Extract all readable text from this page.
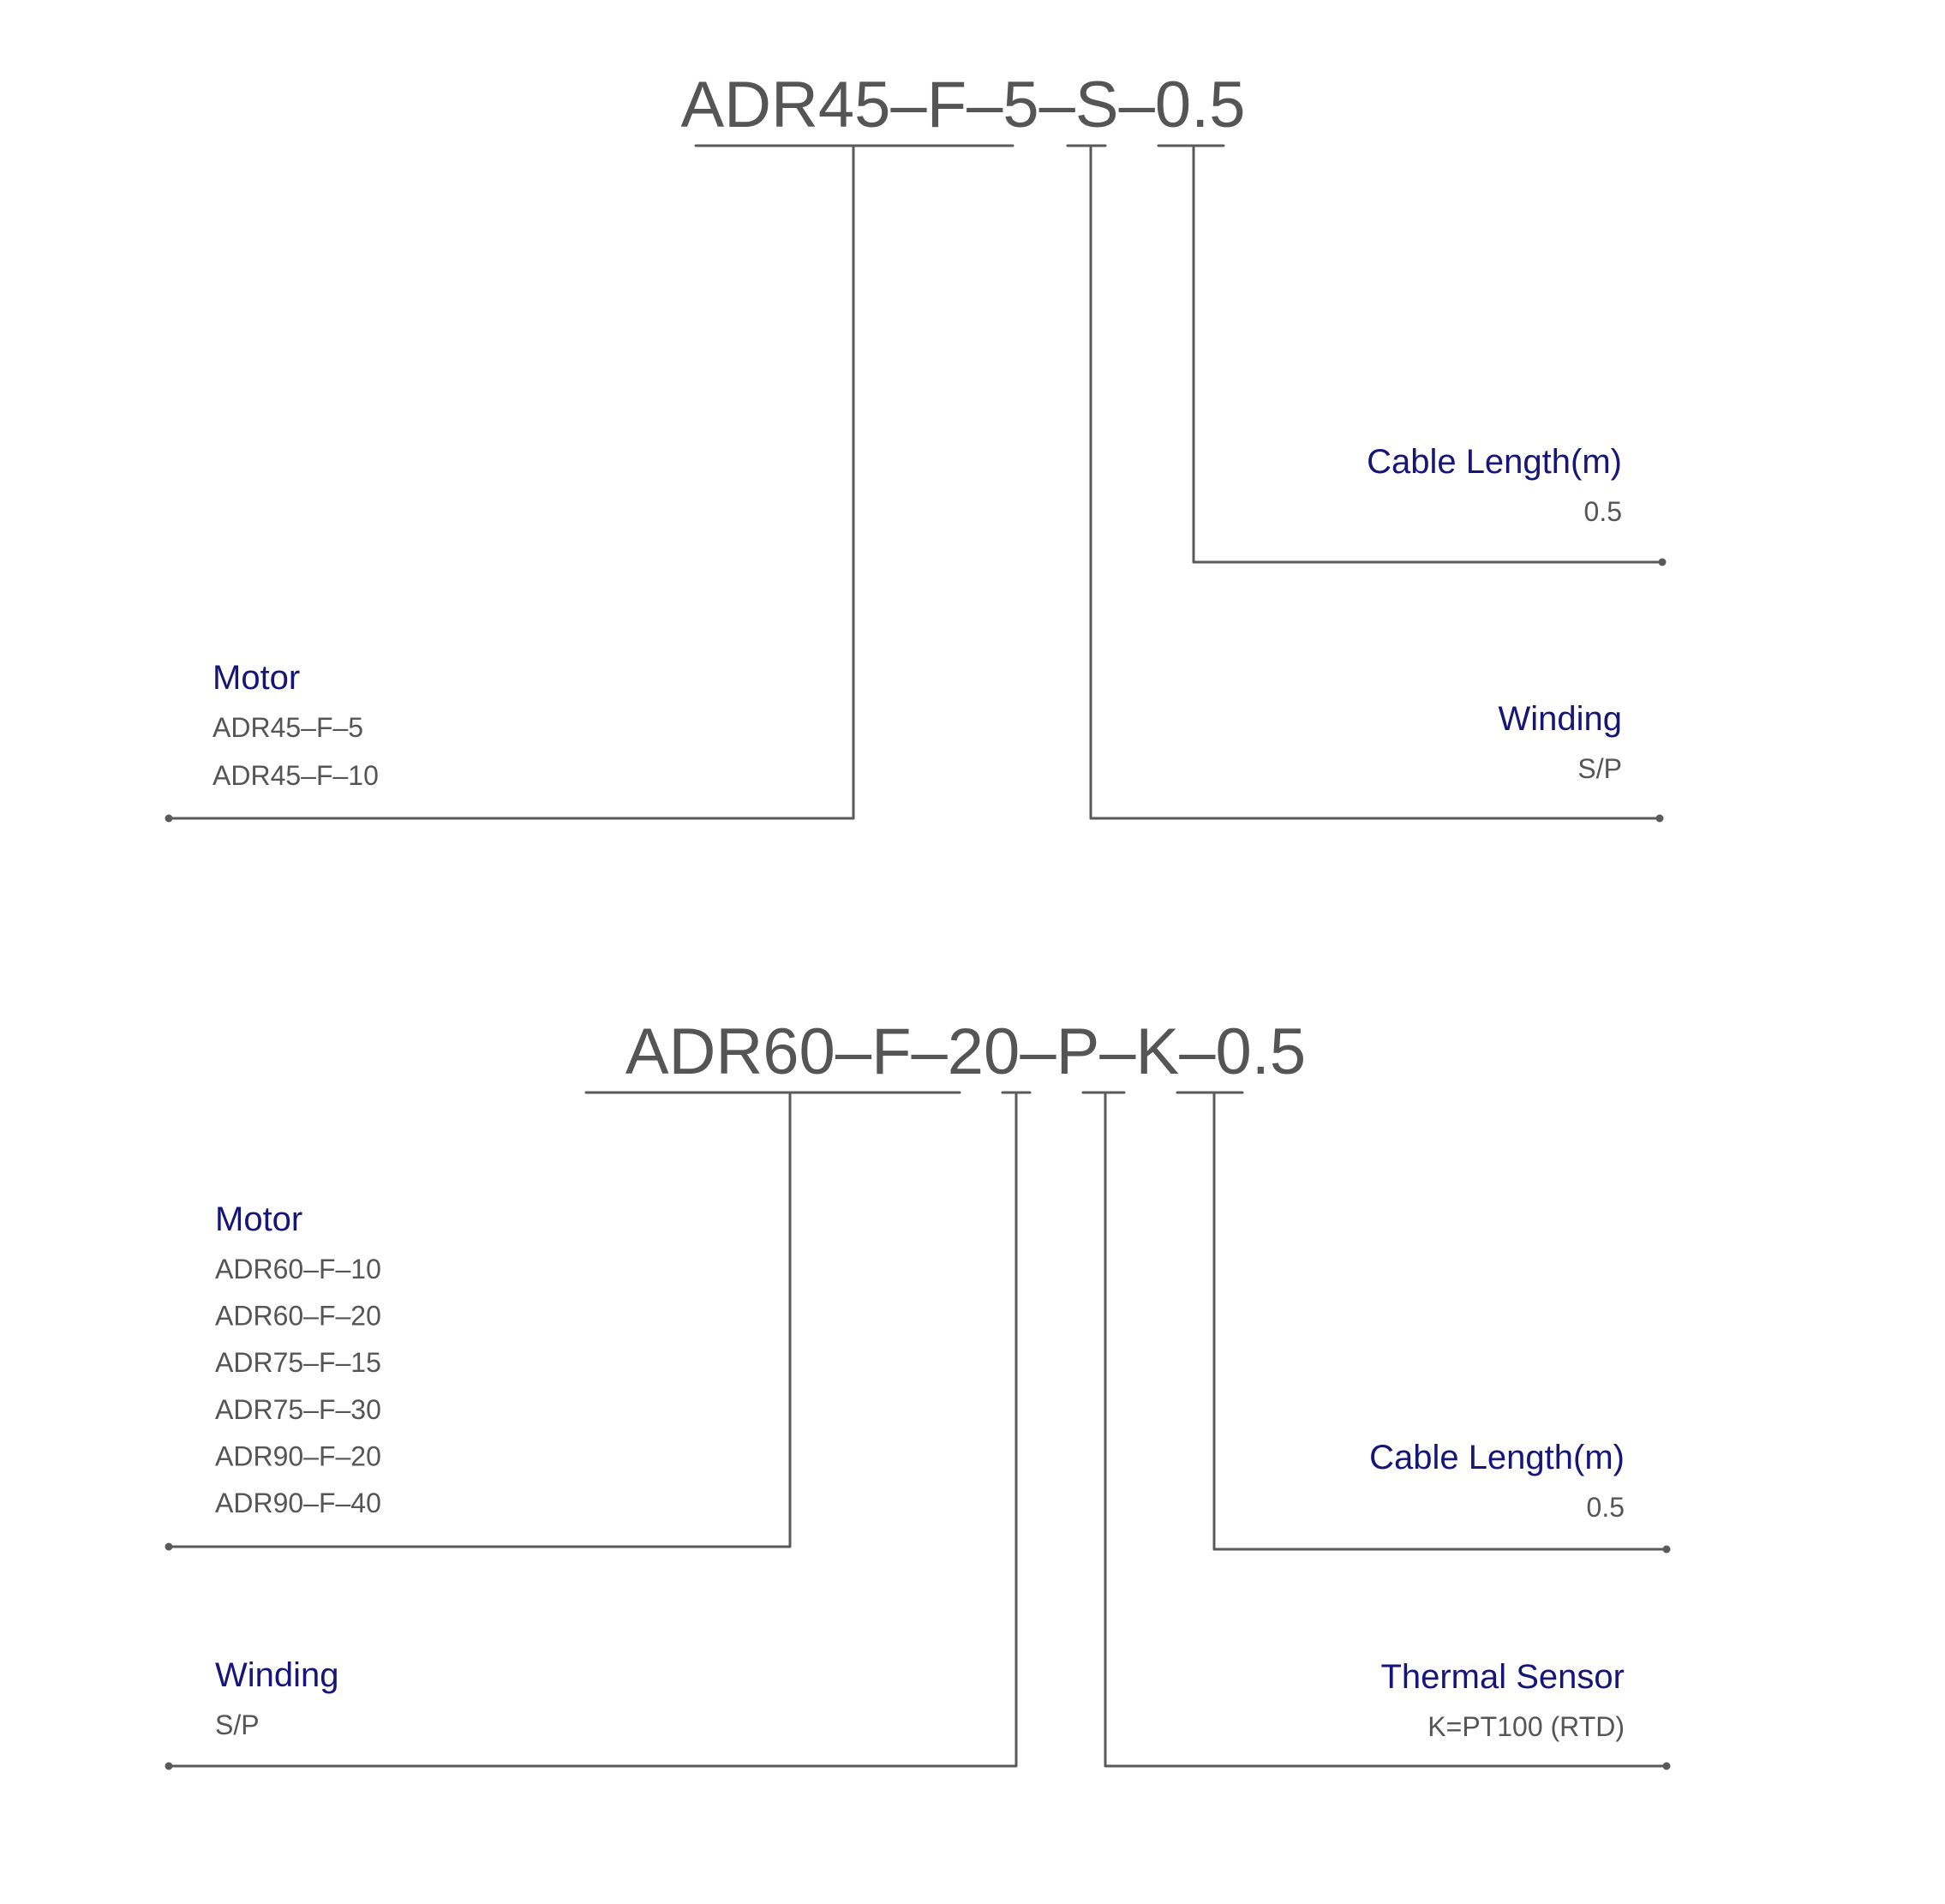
ADR45–F–5–S–0.5
Motor
ADR45–F–5
ADR45–F–10
Winding
S/P
Cable Length(m)
0.5
ADR60–F–20–P–K–0.5
Motor
ADR60–F–10
ADR60–F–20
ADR75–F–15
ADR75–F–30
ADR90–F–20
ADR90–F–40
Cable Length(m)
0.5
Winding
S/P
Thermal Sensor
K=PT100 (RTD)
